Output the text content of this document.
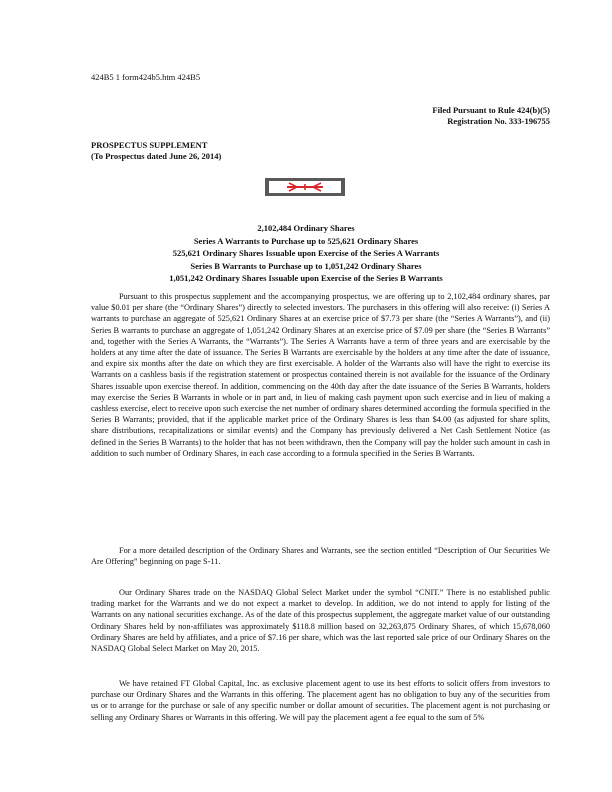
424B5 1 form424b5.htm 424B5
Filed Pursuant to Rule 424(b)(5)
Registration No. 333-196755
PROSPECTUS SUPPLEMENT
(To Prospectus dated June 26, 2014)
2,102,484 Ordinary Shares
Series A Warrants to Purchase up to 525,621 Ordinary Shares
525,621 Ordinary Shares Issuable upon Exercise of the Series A Warrants
Series B Warrants to Purchase up to 1,051,242 Ordinary Shares
1,051,242 Ordinary Shares Issuable upon Exercise of the Series B Warrants

Pursuant to this prospectus supplement and the accompanying prospectus, we are offering up to 2,102,484 ordinary shares, par value $0.01 per share (the “Ordinary Shares”) directly to selected investors. The purchasers in this offering will also receive: (i) Series A warrants to purchase an aggregate of 525,621 Ordinary Shares at an exercise price of $7.73 per share (the “Series A Warrants”), and (ii) Series B warrants to purchase an aggregate of 1,051,242 Ordinary Shares at an exercise price of $7.09 per share (the “Series B Warrants” and, together with the Series A Warrants, the “Warrants”). The Series A Warrants have a term of three years and are exercisable by the holders at any time after the date of issuance. The Series B Warrants are exercisable by the holders at any time after the date of issuance, and expire six months after the date on which they are first exercisable. A holder of the Warrants also will have the right to exercise its Warrants on a cashless basis if the registration statement or prospectus contained therein is not available for the issuance of the Ordinary Shares issuable upon exercise thereof. In addition, commencing on the 40th day after the date issuance of the Series B Warrants, holders may exercise the Series B Warrants in whole or in part and, in lieu of making cash payment upon such exercise and in lieu of making a cashless exercise, elect to receive upon such exercise the net number of ordinary shares determined according the formula specified in the Series B Warrants; provided, that if the applicable market price of the Ordinary Shares is less than $4.00 (as adjusted for share splits, share distributions, recapitalizations or similar events) and the Company has previously delivered a Net Cash Settlement Notice (as defined in the Series B Warrants) to the holder that has not been withdrawn, then the Company will pay the holder such amount in cash in addition to such number of Ordinary Shares, in each case according to a formula specified in the Series B Warrants.

For a more detailed description of the Ordinary Shares and Warrants, see the section entitled “Description of Our Securities We Are Offering” beginning on page S-11.

Our Ordinary Shares trade on the NASDAQ Global Select Market under the symbol “CNIT.” There is no established public trading market for the Warrants and we do not expect a market to develop. In addition, we do not intend to apply for listing of the Warrants on any national securities exchange. As of the date of this prospectus supplement, the aggregate market value of our outstanding Ordinary Shares held by non-affiliates was approximately $118.8 million based on 32,263,875 Ordinary Shares, of which 15,678,060 Ordinary Shares are held by affiliates, and a price of $7.16 per share, which was the last reported sale price of our Ordinary Shares on the NASDAQ Global Select Market on May 20, 2015.

We have retained FT Global Capital, Inc. as exclusive placement agent to use its best efforts to solicit offers from investors to purchase our Ordinary Shares and the Warrants in this offering. The placement agent has no obligation to buy any of the securities from us or to arrange for the purchase or sale of any specific number or dollar amount of securities. The placement agent is not purchasing or selling any Ordinary Shares or Warrants in this offering. We will pay the placement agent a fee equal to the sum of 5%
